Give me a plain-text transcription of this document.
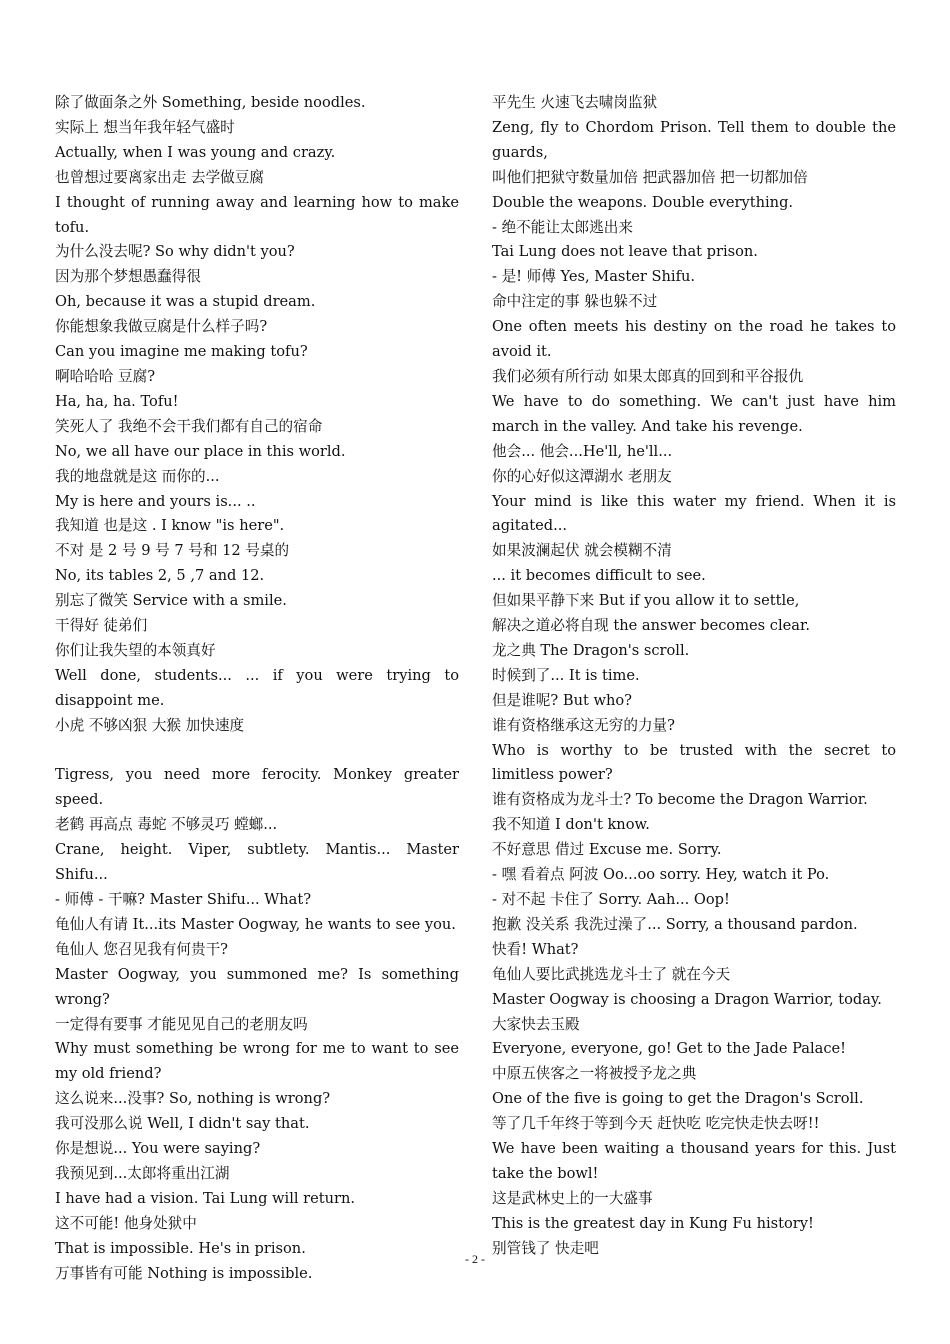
除了做面条之外 Something, beside noodles.
实际上 想当年我年轻气盛时
Actually, when I was young and crazy.
也曾想过要离家出走 去学做豆腐
I thought of running away and learning how to make tofu.
为什么没去呢? So why didn't you?
因为那个梦想愚蠢得很
Oh, because it was a stupid dream.
你能想象我做豆腐是什么样子吗?
Can you imagine me making tofu?
啊哈哈哈 豆腐?
Ha, ha, ha. Tofu!
笑死人了 我绝不会干我们都有自己的宿命
No, we all have our place in this world.
我的地盘就是这 而你的...
My is here and yours is... ..
我知道 也是这 . I know "is here".
不对 是 2 号 9 号 7 号和 12 号桌的
No, its tables 2, 5 ,7 and 12.
别忘了微笑 Service with a smile.
干得好 徒弟们
你们让我失望的本领真好
Well done, students... ... if you were trying to disappoint me.
小虎 不够凶狠 大猴 加快速度
Tigress, you need more ferocity. Monkey greater speed.
老鹤 再高点 毒蛇 不够灵巧 螳螂...
Crane, height. Viper, subtlety. Mantis... Master Shifu...
- 师傅 - 干嘛? Master Shifu... What?
龟仙人有请 It...its Master Oogway, he wants to see you.
龟仙人 您召见我有何贵干?
Master Oogway, you summoned me? Is something wrong?
一定得有要事 才能见见自己的老朋友吗
Why must something be wrong for me to want to see my old friend?
这么说来...没事? So, nothing is wrong?
我可没那么说 Well, I didn't say that.
你是想说... You were saying?
我预见到...太郎将重出江湖
I have had a vision. Tai Lung will return.
这不可能! 他身处狱中
That is impossible. He's in prison.
万事皆有可能 Nothing is impossible.
平先生 火速飞去啸岗监狱
Zeng, fly to Chordom Prison. Tell them to double the guards,
叫他们把狱守数量加倍 把武器加倍 把一切都加倍
Double the weapons. Double everything.
- 绝不能让太郎逃出来
Tai Lung does not leave that prison.
- 是! 师傅 Yes, Master Shifu.
命中注定的事 躲也躲不过
One often meets his destiny on the road he takes to avoid it.
我们必须有所行动 如果太郎真的回到和平谷报仇
We have to do something. We can't just have him march in the valley. And take his revenge.
他会... 他会...He'll, he'll...
你的心好似这潭湖水 老朋友
Your mind is like this water my friend. When it is agitated...
如果波澜起伏 就会模糊不清
... it becomes difficult to see.
但如果平静下来 But if you allow it to settle,
解决之道必将自现 the answer becomes clear.
龙之典 The Dragon's scroll.
时候到了... It is time.
但是谁呢? But who?
谁有资格继承这无穷的力量?
Who is worthy to be trusted with the secret to limitless power?
谁有资格成为龙斗士? To become the Dragon Warrior.
我不知道 I don't know.
不好意思 借过 Excuse me. Sorry.
- 嘿 看着点 阿波 Oo...oo sorry. Hey, watch it Po.
- 对不起 卡住了 Sorry. Aah... Oop!
抱歉 没关系 我洗过澡了... Sorry, a thousand pardon.
快看! What?
龟仙人要比武挑选龙斗士了 就在今天
Master Oogway is choosing a Dragon Warrior, today.
大家快去玉殿
Everyone, everyone, go! Get to the Jade Palace!
中原五侠客之一将被授予龙之典
One of the five is going to get the Dragon's Scroll.
等了几千年终于等到今天 赶快吃 吃完快走快去呀!!
We have been waiting a thousand years for this. Just take the bowl!
这是武林史上的一大盛事
This is the greatest day in Kung Fu history!
别管钱了 快走吧
- 2 -
